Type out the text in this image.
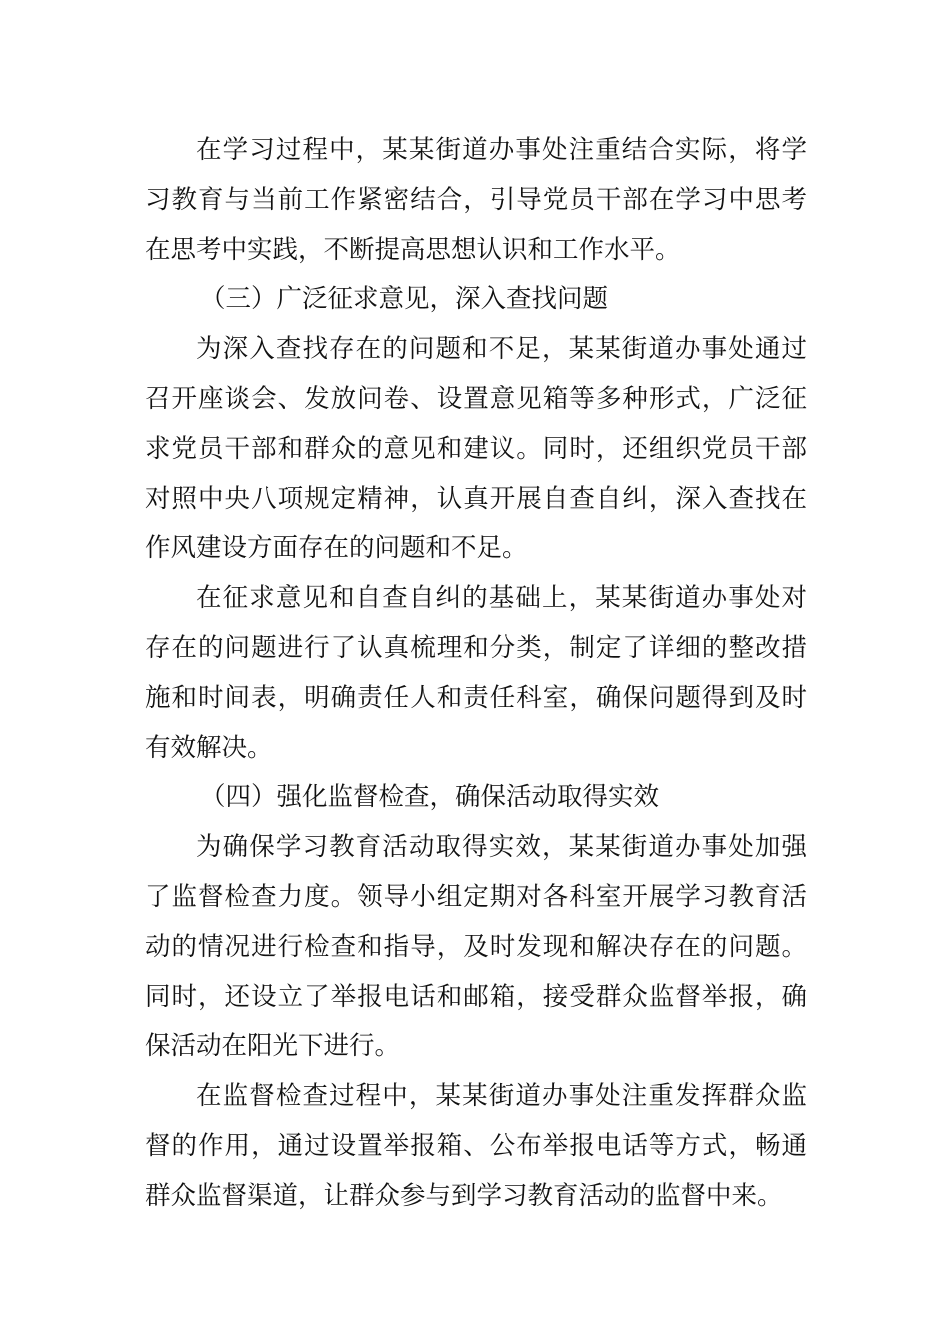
在学习过程中，某某街道办事处注重结合实际，将学习教育与当前工作紧密结合，引导党员干部在学习中思考在思考中实践，不断提高思想认识和工作水平。

（三）广泛征求意见，深入查找问题

为深入查找存在的问题和不足，某某街道办事处通过召开座谈会、发放问卷、设置意见箱等多种形式，广泛征求党员干部和群众的意见和建议。同时，还组织党员干部对照中央八项规定精神，认真开展自查自纠，深入查找在作风建设方面存在的问题和不足。

在征求意见和自查自纠的基础上，某某街道办事处对存在的问题进行了认真梳理和分类，制定了详细的整改措施和时间表，明确责任人和责任科室，确保问题得到及时有效解决。

（四）强化监督检查，确保活动取得实效

为确保学习教育活动取得实效，某某街道办事处加强了监督检查力度。领导小组定期对各科室开展学习教育活动的情况进行检查和指导，及时发现和解决存在的问题。同时，还设立了举报电话和邮箱，接受群众监督举报，确保活动在阳光下进行。

在监督检查过程中，某某街道办事处注重发挥群众监督的作用，通过设置举报箱、公布举报电话等方式，畅通群众监督渠道，让群众参与到学习教育活动的监督中来。
